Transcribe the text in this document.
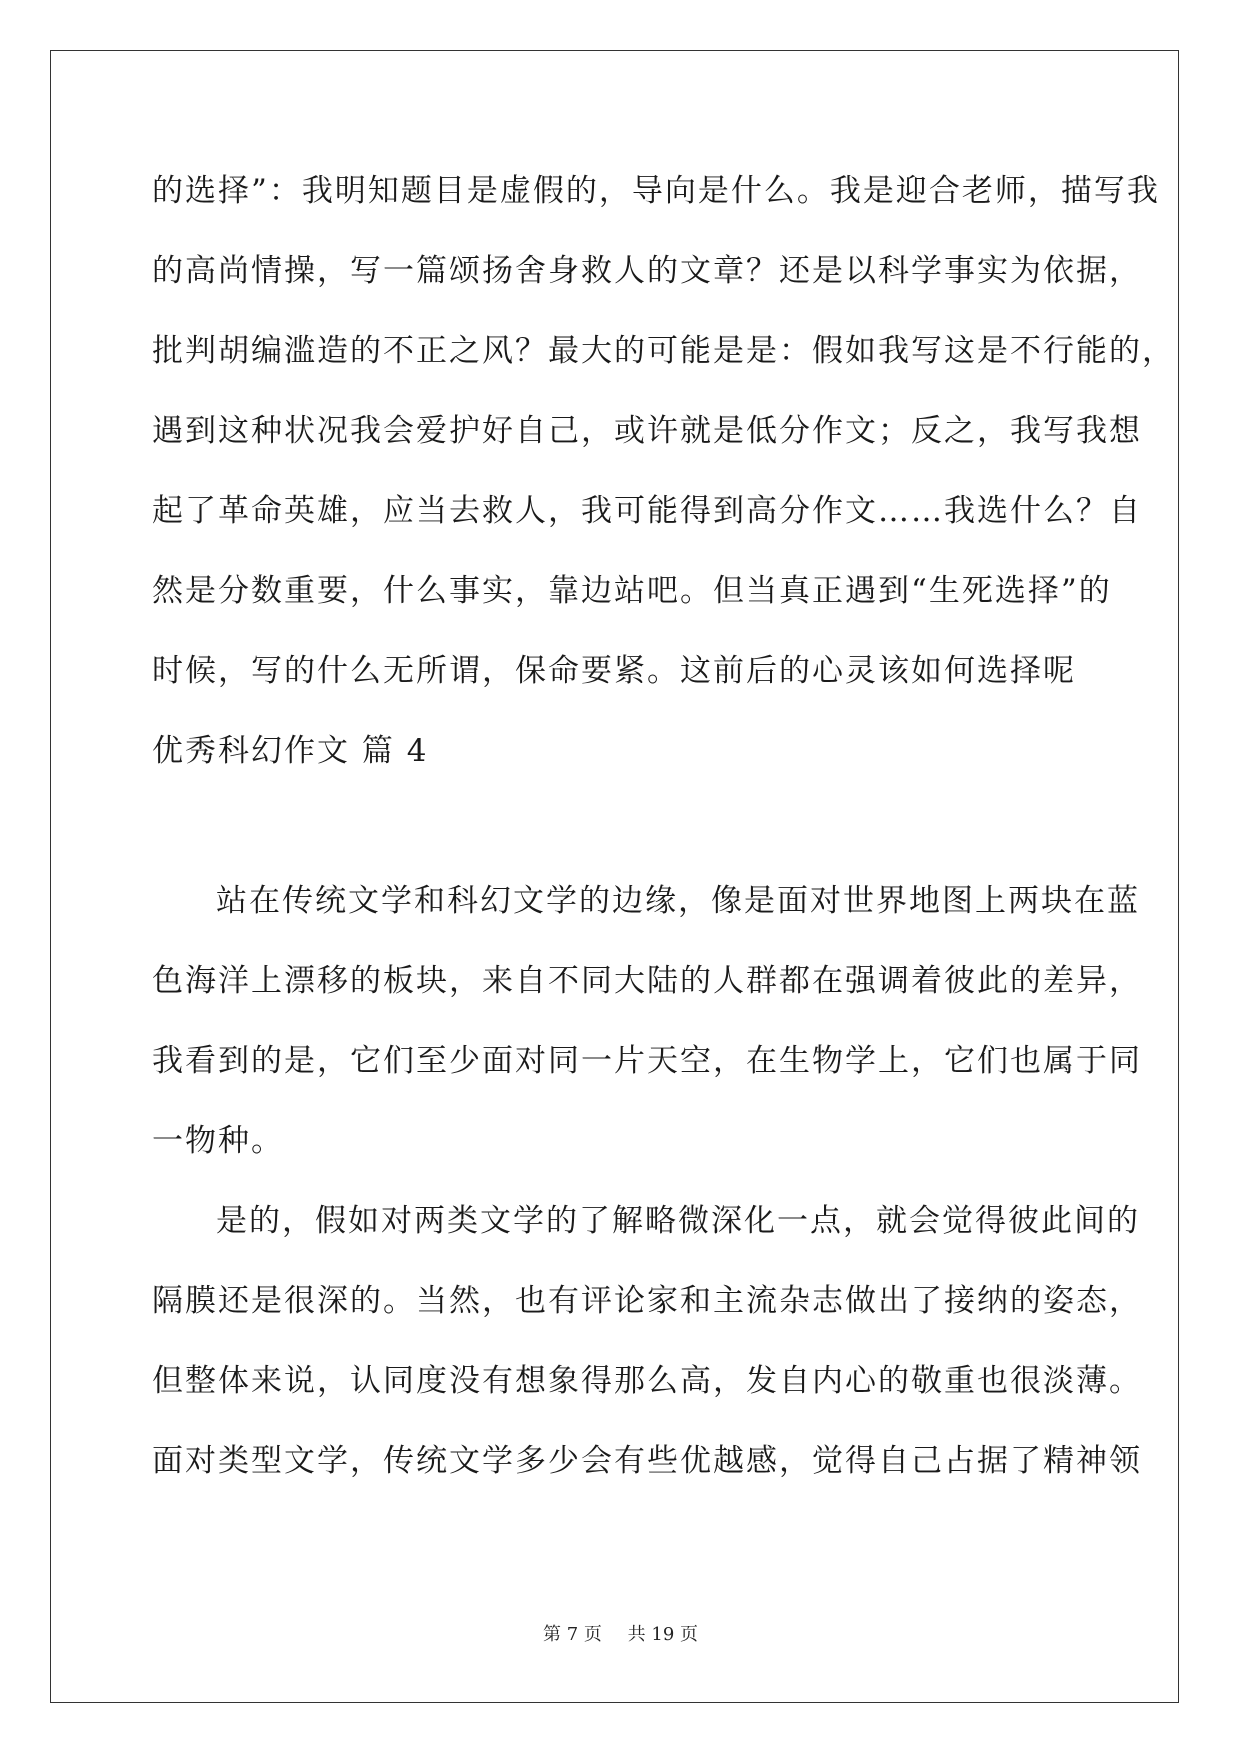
的选择”：我明知题目是虚假的，导向是什么。我是迎合老师，描写我
的高尚情操，写一篇颂扬舍身救人的文章？还是以科学事实为依据，
批判胡编滥造的不正之风？最大的可能是是：假如我写这是不行能的，
遇到这种状况我会爱护好自己，或许就是低分作文；反之，我写我想
起了革命英雄，应当去救人，我可能得到高分作文……我选什么？自
然是分数重要，什么事实，靠边站吧。但当真正遇到“生死选择”的
时候，写的什么无所谓，保命要紧。这前后的心灵该如何选择呢
优秀科幻作文 篇 4
站在传统文学和科幻文学的边缘，像是面对世界地图上两块在蓝
色海洋上漂移的板块，来自不同大陆的人群都在强调着彼此的差异，
我看到的是，它们至少面对同一片天空，在生物学上，它们也属于同
一物种。
是的，假如对两类文学的了解略微深化一点，就会觉得彼此间的
隔膜还是很深的。当然，也有评论家和主流杂志做出了接纳的姿态，
但整体来说，认同度没有想象得那么高，发自内心的敬重也很淡薄。
面对类型文学，传统文学多少会有些优越感，觉得自己占据了精神领
第 7 页 共 19 页
